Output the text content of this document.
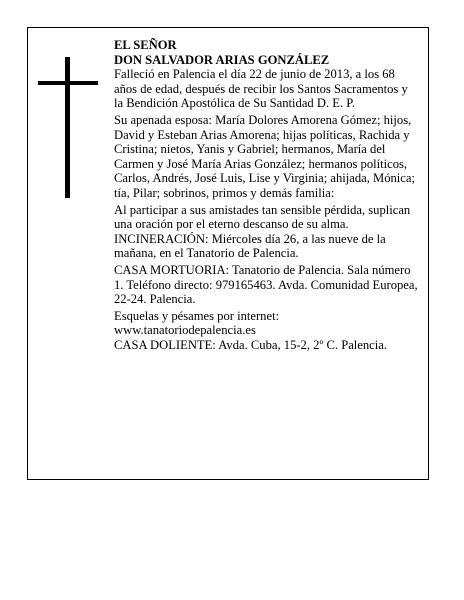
EL SEÑOR

DON SALVADOR ARIAS GONZÁLEZ

Falleció en Palencia el día 22 de junio de 2013, a los 68 años de edad, después de recibir los Santos Sacramentos y la Bendición Apostólica de Su Santidad D. E. P.

Su apenada esposa: María Dolores Amorena Gómez; hijos, David y Esteban Arias Amorena; hijas políticas, Rachida y Cristina; nietos, Yanis y Gabriel; hermanos, María del Carmen y José María Arias González; hermanos políticos, Carlos, Andrés, José Luis, Lise y Virginia; ahijada, Mónica; tía, Pilar; sobrinos, primos y demás familia:

Al participar a sus amistades tan sensible pérdida, suplican una oración por el eterno descanso de su alma.

INCINERACIÓN: Miércoles día 26, a las nueve de la mañana, en el Tanatorio de Palencia.

CASA MORTUORIA: Tanatorio de Palencia. Sala número 1. Teléfono directo: 979165463. Avda. Comunidad Europea, 22-24. Palencia.

Esquelas y pésames por internet: www.tanatoriodepalencia.es

CASA DOLIENTE: Avda. Cuba, 15-2, 2º C. Palencia.
